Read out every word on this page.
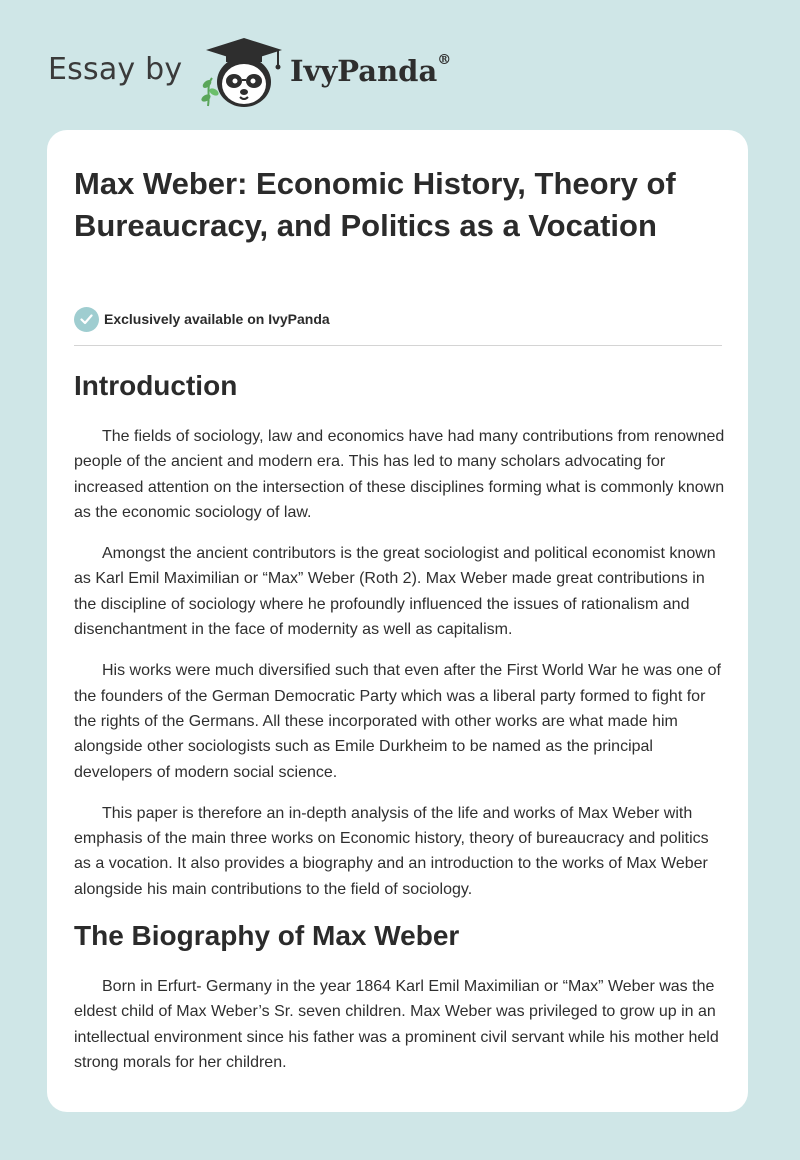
Essay by	IvyPanda®
Max Weber: Economic History, Theory of Bureaucracy, and Politics as a Vocation
Exclusively available on IvyPanda
Introduction

The fields of sociology, law and economics have had many contributions from renowned people of the ancient and modern era. This has led to many scholars advocating for increased attention on the intersection of these disciplines forming what is commonly known as the economic sociology of law.

Amongst the ancient contributors is the great sociologist and political economist known as Karl Emil Maximilian or “Max” Weber (Roth 2). Max Weber made great contributions in the discipline of sociology where he profoundly influenced the issues of rationalism and disenchantment in the face of modernity as well as capitalism.

His works were much diversified such that even after the First World War he was one of the founders of the German Democratic Party which was a liberal party formed to fight for the rights of the Germans. All these incorporated with other works are what made him alongside other sociologists such as Emile Durkheim to be named as the principal developers of modern social science.

This paper is therefore an in-depth analysis of the life and works of Max Weber with emphasis of the main three works on Economic history, theory of bureaucracy and politics as a vocation. It also provides a biography and an introduction to the works of Max Weber alongside his main contributions to the field of sociology.

The Biography of Max Weber

Born in Erfurt- Germany in the year 1864 Karl Emil Maximilian or “Max” Weber was the eldest child of Max Weber’s Sr. seven children. Max Weber was privileged to grow up in an intellectual environment since his father was a prominent civil servant while his mother held strong morals for her children.
